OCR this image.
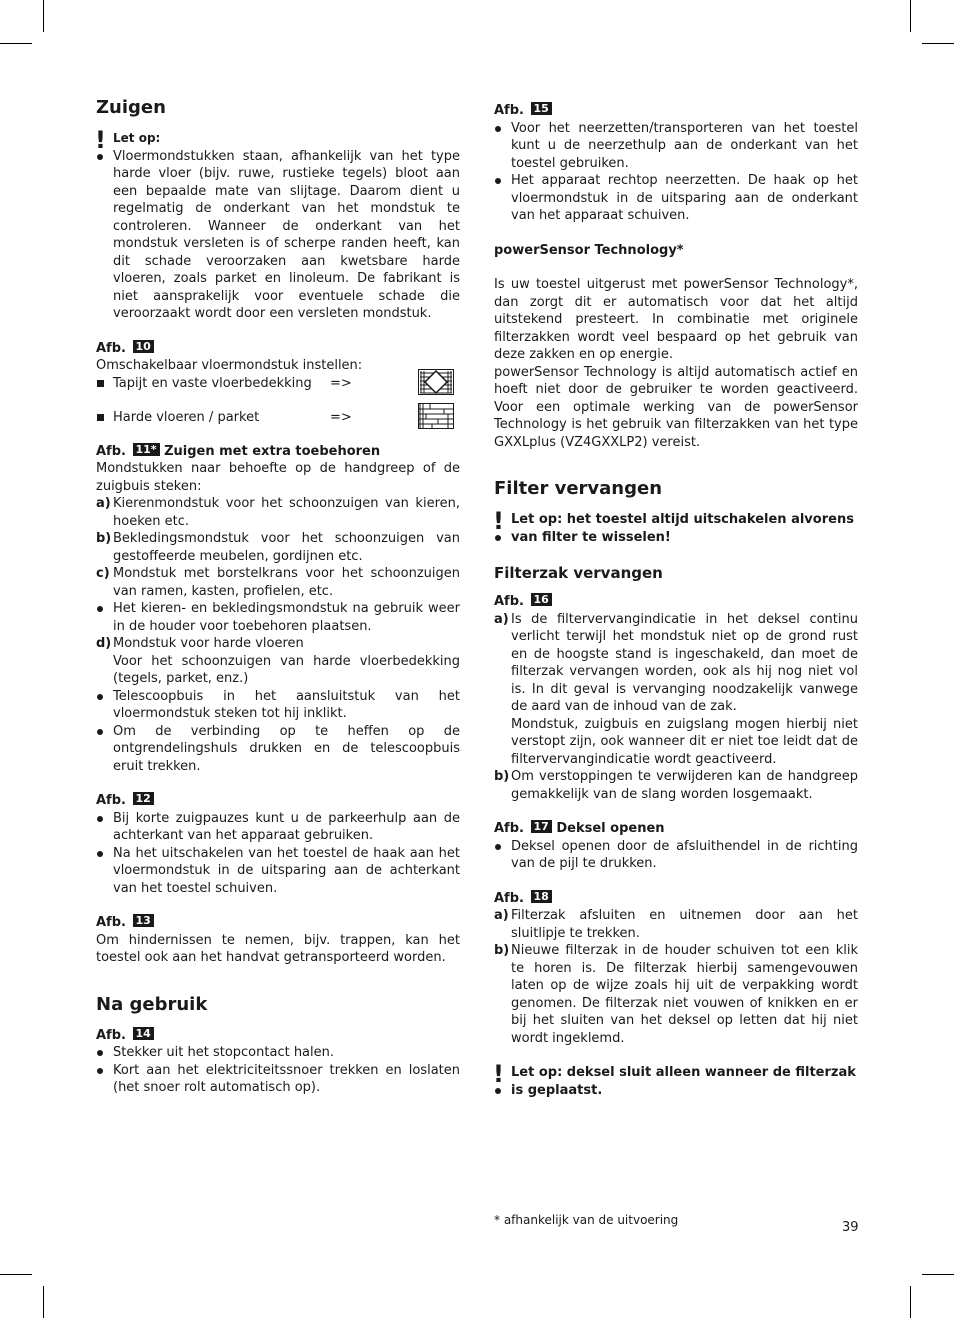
Zuigen
! Let op:
Vloermondstukken staan, afhankelijk van het type harde vloer (bijv. ruwe, rustieke tegels) bloot aan een bepaalde mate van slijtage. Daarom dient u regelmatig de onderkant van het mondstuk te controleren. Wanneer de onderkant van het mondstuk versleten is of scherpe randen heeft, kan dit schade veroorzaken aan kwetsbare harde vloeren, zoals parket en linoleum. De fabrikant is niet aansprakelijk voor eventuele schade die veroorzaakt wordt door een versleten mondstuk.

Afb. 10

Omschakelbaar vloermondstuk instellen:

Tapijt en vaste vloerbedekking =>
Harde vloeren / parket	=>

Afb. 11* Zuigen met extra toebehoren

Mondstukken naar behoefte op de handgreep of de zuigbuis steken:

a) Kierenmondstuk voor het schoonzuigen van kieren, hoeken etc.
b) Bekledingsmondstuk voor het schoonzuigen van gestoffeerde meubelen, gordijnen etc.
c) Mondstuk met borstelkrans voor het schoonzuigen van ramen, kasten, profielen, etc.
Het kieren- en bekledingsmondstuk na gebruik weer in de houder voor toebehoren plaatsen.
d) Mondstuk voor harde vloeren
Voor het schoonzuigen van harde vloerbedekking (tegels, parket, enz.)
Telescoopbuis in het aansluitstuk van het vloermondstuk steken tot hij inklikt.
Om de verbinding op te heffen op de ontgrendelingshuls drukken en de telescoopbuis eruit trekken.

Afb. 12

Bij korte zuigpauzes kunt u de parkeerhulp aan de achterkant van het apparaat gebruiken.
Na het uitschakelen van het toestel de haak aan het vloermondstuk in de uitsparing aan de achterkant van het toestel schuiven.

Afb. 13

Om hindernissen te nemen, bijv. trappen, kan het toestel ook aan het handvat getransporteerd worden.

Na gebruik

Afb. 14

Stekker uit het stopcontact halen.
Kort aan het elektriciteitssnoer trekken en loslaten (het snoer rolt automatisch op).

Afb. 15

Voor het neerzetten/transporteren van het toestel kunt u de neerzethulp aan de onderkant van het toestel gebruiken.
Het apparaat rechtop neerzetten. De haak op het vloermondstuk in de uitsparing aan de onderkant van het apparaat schuiven.

powerSensor Technology*

Is uw toestel uitgerust met powerSensor Technology*, dan zorgt dit er automatisch voor dat het altijd uitstekend presteert. In combinatie met originele filterzakken wordt veel bespaard op het gebruik van deze zakken en op energie.

powerSensor Technology is altijd automatisch actief en hoeft niet door de gebruiker te worden geactiveerd. Voor een optimale werking van de powerSensor Technology is het gebruik van filterzakken van het type GXXLplus (VZ4GXXLP2) vereist.

Filter vervangen
! Let op: het toestel altijd uitschakelen alvorens van filter te wisselen!
Filterzak vervangen

Afb. 16

a) Is de filtervervangindicatie in het deksel continu verlicht terwijl het mondstuk niet op de grond rust en de hoogste stand is ingeschakeld, dan moet de filterzak vervangen worden, ook als hij nog niet vol is. In dit geval is vervanging noodzakelijk vanwege de aard van de inhoud van de zak.
Mondstuk, zuigbuis en zuigslang mogen hierbij niet verstopt zijn, ook wanneer dit er niet toe leidt dat de filtervervangindicatie wordt geactiveerd.
b) Om verstoppingen te verwijderen kan de handgreep gemakkelijk van de slang worden losgemaakt.

Afb. 17 Deksel openen

Deksel openen door de afsluithendel in de richting van de pijl te drukken.

Afb. 18

a) Filterzak afsluiten en uitnemen door aan het sluitlipje te trekken.
b) Nieuwe filterzak in de houder schuiven tot een klik te horen is. De filterzak hierbij samengevouwen laten op de wijze zoals hij uit de verpakking wordt genomen. De filterzak niet vouwen of knikken en er bij het sluiten van het deksel op letten dat hij niet wordt ingeklemd.
! Let op: deksel sluit alleen wanneer de filterzak is geplaatst.
* afhankelijk van de uitvoering	39
